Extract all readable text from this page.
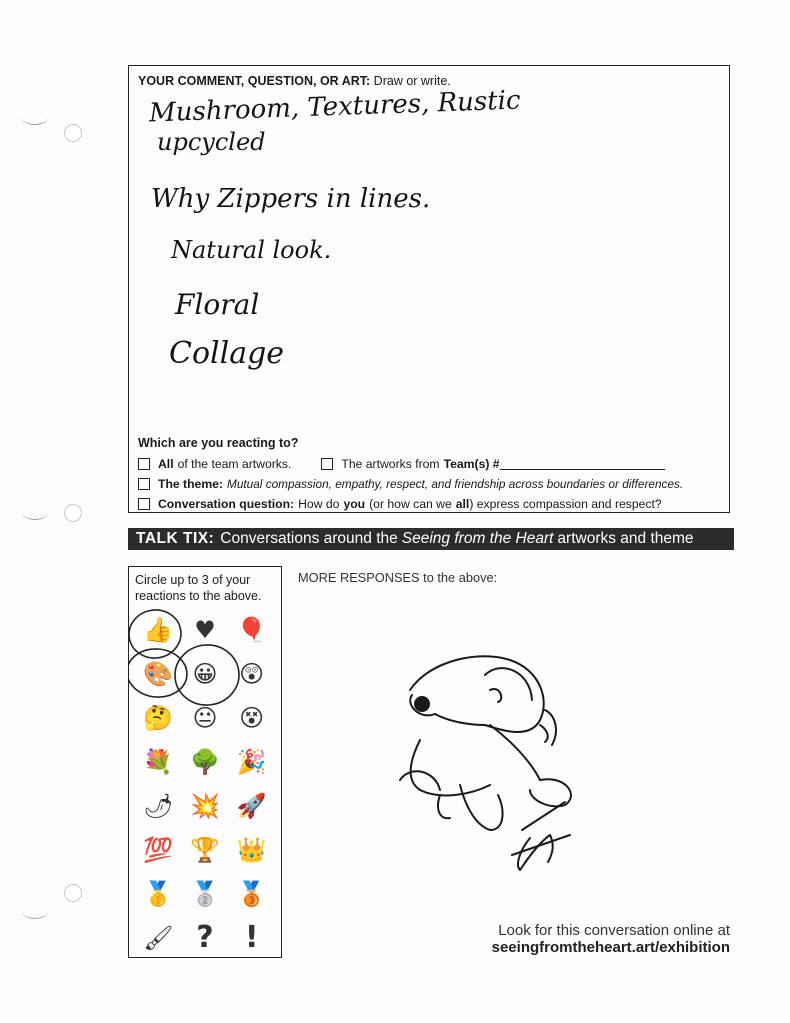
YOUR COMMENT, QUESTION, OR ART: Draw or write.
Mushroom, Textures, Rustic
upcycled
Why Zippers in lines.
Natural look.
Floral
Collage
Which are you reacting to?
All of the team artworks.	The artworks from Team(s) #
The theme: Mutual compassion, empathy, respect, and friendship across boundaries or differences.
Conversation question: How do you (or how can we all ) express compassion and respect?
TALK TIX: Conversations around the Seeing from the Heart artworks and theme
Circle up to 3 of your reactions to the above.
👍 ♥ 🎈
🎨 😀 😲
🤔 😐 😵
💐 🌳 🎉
🌶 💥 🚀
💯 🏆 👑
🥇 🥈 🥉
🖌 ?	!
MORE RESPONSES to the above:
Look for this conversation online at
seeingfromtheheart.art/exhibition
